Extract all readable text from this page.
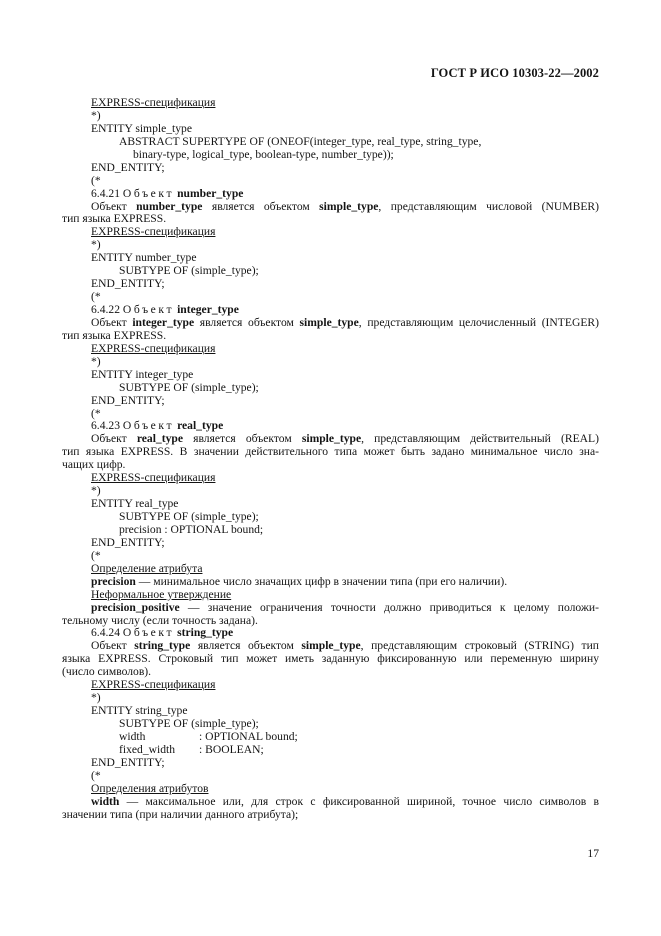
ГОСТ Р ИСО 10303-22—2002
EXPRESS-спецификация
*)
ENTITY simple_type
ABSTRACT SUPERTYPE OF (ONEOF(integer_type, real_type, string_type,
binary-type, logical_type, boolean-type, number_type));
END_ENTITY;
(*
6.4.21 Объект number_type
Объект number_type является объектом simple_type, представляющим числовой (NUMBER)
тип языка EXPRESS.
EXPRESS-спецификация
*)
ENTITY number_type
SUBTYPE OF (simple_type);
END_ENTITY;
(*
6.4.22 Объект integer_type
Объект integer_type является объектом simple_type, представляющим целочисленный (INTEGER)
тип языка EXPRESS.
EXPRESS-спецификация
*)
ENTITY integer_type
SUBTYPE OF (simple_type);
END_ENTITY;
(*
6.4.23 Объект real_type
Объект real_type является объектом simple_type, представляющим действительный (REAL)
тип языка EXPRESS. В значении действительного типа может быть задано минимальное число зна-
чащих цифр.
EXPRESS-спецификация
*)
ENTITY real_type
SUBTYPE OF (simple_type);
precision : OPTIONAL bound;
END_ENTITY;
(*
Определение атрибута
precision — минимальное число значащих цифр в значении типа (при его наличии).
Неформальное утверждение
precision_positive — значение ограничения точности должно приводиться к целому положи-
тельному числу (если точность задана).
6.4.24 Объект string_type
Объект string_type является объектом simple_type, представляющим строковый (STRING) тип
языка EXPRESS. Строковый тип может иметь заданную фиксированную или переменную ширину
(число символов).
EXPRESS-спецификация
*)
ENTITY string_type
SUBTYPE OF (simple_type);
width	: OPTIONAL bound;
fixed_width : BOOLEAN;
END_ENTITY;
(*
Определения атрибутов
width — максимальное или, для строк с фиксированной шириной, точное число символов в
значении типа (при наличии данного атрибута);
17
